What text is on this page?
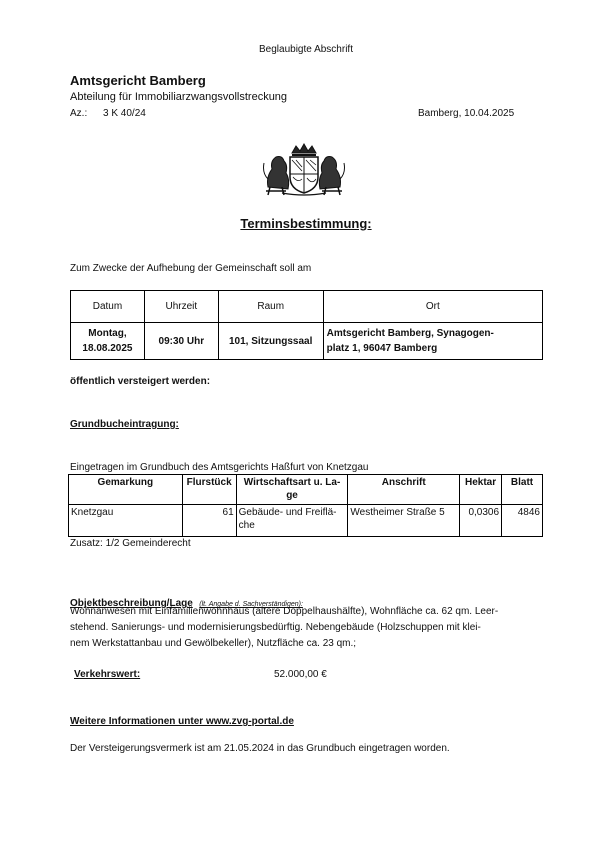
Beglaubigte Abschrift
Amtsgericht Bamberg
Abteilung für Immobiliarzwangsvollstreckung
Az.: 3 K 40/24	Bamberg, 10.04.2025
Terminsbestimmung:
Zum Zwecke der Aufhebung der Gemeinschaft soll am
Datum	Uhrzeit	Raum	Ort
Montag,
18.08.2025	09:30 Uhr	101, Sitzungssaal	Amtsgericht Bamberg, Synagogen-
platz 1, 96047 Bamberg
öffentlich versteigert werden:
Grundbucheintragung:
Eingetragen im Grundbuch des Amtsgerichts Haßfurt von Knetzgau
Gemarkung	Flurstück	Wirtschaftsart u. La-
ge	Anschrift	Hektar	Blatt
Knetzgau	61	Gebäude- und Freiflä-
che	Westheimer Straße 5	0,0306	4846
Zusatz: 1/2 Gemeinderecht
Objektbeschreibung/Lage (lt. Angabe d. Sachverständigen):
Wohnanwesen mit Einfamilienwohnhaus (ältere Doppelhaushälfte), Wohnfläche ca. 62 qm. Leer-
stehend. Sanierungs- und modernisierungsbedürftig. Nebengebäude (Holzschuppen mit klei-
nem Werkstattanbau und Gewölbekeller), Nutzfläche ca. 23 qm.;
Verkehrswert:	52.000,00 €
Weitere Informationen unter www.zvg-portal.de
Der Versteigerungsvermerk ist am 21.05.2024 in das Grundbuch eingetragen worden.
